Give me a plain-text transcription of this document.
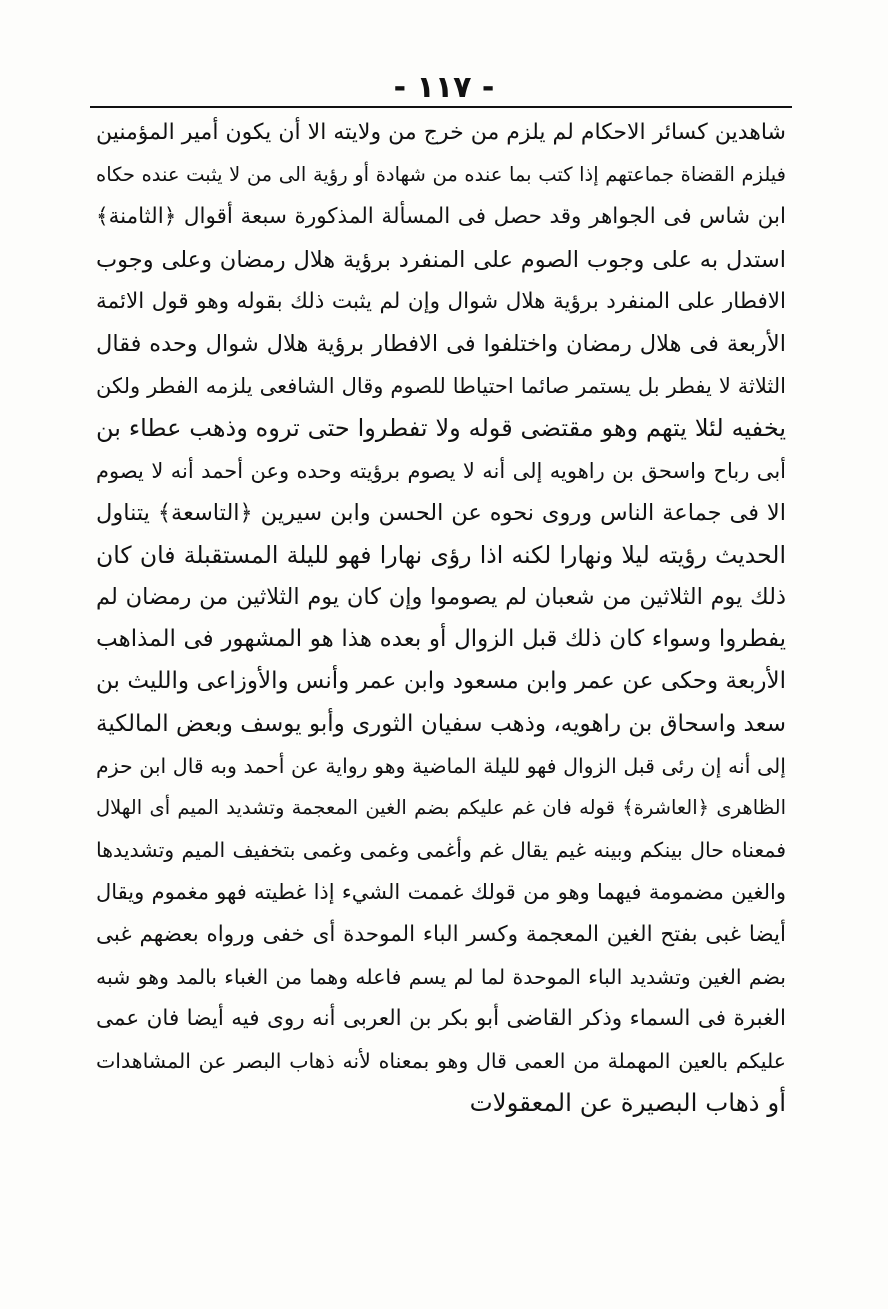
- ١١٧ -
شاهدين كسائر الاحكام لم يلزم من خرج من ولايته الا أن يكون أمير المؤمنين
فيلزم القضاة جماعتهم إذا كتب بما عنده من شهادة أو رؤية الى من لا يثبت عنده حكاه
ابن شاس فى الجواهر وقد حصل فى المسألة المذكورة سبعة أقوال ﴿الثامنة﴾
استدل به على وجوب الصوم على المنفرد برؤية هلال رمضان وعلى وجوب
الافطار على المنفرد برؤية هلال شوال وإن لم يثبت ذلك بقوله وهو قول الائمة
الأربعة فى هلال رمضان واختلفوا فى الافطار برؤية هلال شوال وحده فقال
الثلاثة لا يفطر بل يستمر صائما احتياطا للصوم وقال الشافعى يلزمه الفطر ولكن
يخفيه لئلا يتهم وهو مقتضى قوله ولا تفطروا حتى تروه وذهب عطاء بن
أبى رباح واسحق بن راهويه إلى أنه لا يصوم برؤيته وحده وعن أحمد أنه لا يصوم
الا فى جماعة الناس وروى نحوه عن الحسن وابن سيرين ﴿التاسعة﴾ يتناول
الحديث رؤيته ليلا ونهارا لكنه اذا رؤى نهارا فهو لليلة المستقبلة فان كان
ذلك يوم الثلاثين من شعبان لم يصوموا وإن كان يوم الثلاثين من رمضان لم
يفطروا وسواء كان ذلك قبل الزوال أو بعده هذا هو المشهور فى المذاهب
الأربعة وحكى عن عمر وابن مسعود وابن عمر وأنس والأوزاعى والليث بن
سعد واسحاق بن راهويه، وذهب سفيان الثورى وأبو يوسف وبعض المالكية
إلى أنه إن رئى قبل الزوال فهو لليلة الماضية وهو رواية عن أحمد وبه قال ابن حزم
الظاهرى ﴿العاشرة﴾ قوله فان غم عليكم بضم الغين المعجمة وتشديد الميم أى الهلال
فمعناه حال بينكم وبينه غيم يقال غم وأغمى وغمى وغمى بتخفيف الميم وتشديدها
والغين مضمومة فيهما وهو من قولك غممت الشيء إذا غطيته فهو مغموم ويقال
أيضا غبى بفتح الغين المعجمة وكسر الباء الموحدة أى خفى ورواه بعضهم غبى
بضم الغين وتشديد الباء الموحدة لما لم يسم فاعله وهما من الغباء بالمد وهو شبه
الغبرة فى السماء وذكر القاضى أبو بكر بن العربى أنه روى فيه أيضا فان عمى
عليكم بالعين المهملة من العمى قال وهو بمعناه لأنه ذهاب البصر عن المشاهدات
أو ذهاب البصيرة عن المعقولات
